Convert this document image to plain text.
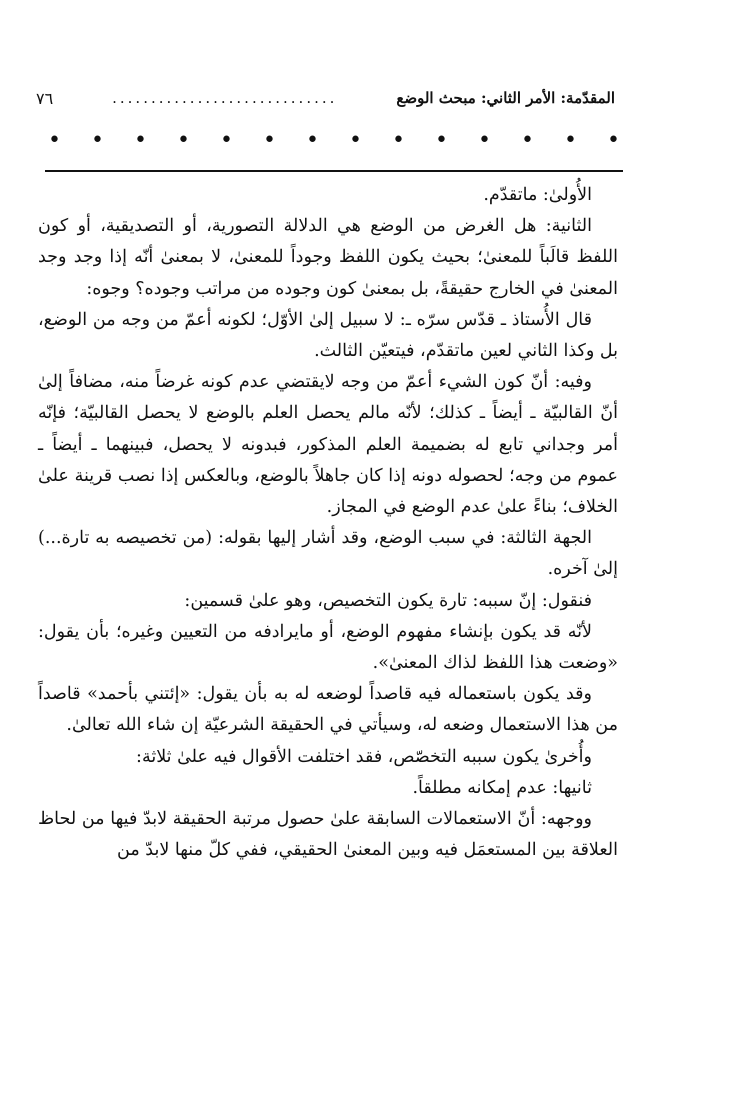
المقدّمة: الأمر الثاني: مبحث الوضع
.............................
٧٦
•
•
•
•
•
•
•
•
•
•
•
•
•
•

الأُولىٰ: ماتقدّم.

الثانية: هل الغرض من الوضع هي الدلالة التصورية، أو التصديقية، أو كون اللفظ قالَباً للمعنىٰ؛ بحيث يكون اللفظ وجوداً للمعنىٰ، لا بمعنىٰ أنّه إذا وجد وجد المعنىٰ في الخارج حقيقةً، بل بمعنىٰ كون وجوده من مراتب وجوده؟ وجوه:

قال الأُستاذ ـ قدّس سرّه ـ: لا سبيل إلىٰ الأوّل؛ لكونه أعمّ من وجه من الوضع، بل وكذا الثاني لعين ماتقدّم، فيتعيّن الثالث.

وفيه: أنّ كون الشيء أعمّ من وجه لايقتضي عدم كونه غرضاً منه، مضافاً إلىٰ أنّ القالبيّة ـ أيضاً ـ كذلك؛ لأنّه مالم يحصل العلم بالوضع لا يحصل القالبيّة؛ فإنّه أمر وجداني تابع له بضميمة العلم المذكور، فبدونه لا يحصل، فبينهما ـ أيضاً ـ عموم من وجه؛ لحصوله دونه إذا كان جاهلاً بالوضع، وبالعكس إذا نصب قرينة علىٰ الخلاف؛ بناءً علىٰ عدم الوضع في المجاز.

الجهة الثالثة: في سبب الوضع، وقد أشار إليها بقوله: (من تخصيصه به تارة...) إلىٰ آخره.

فنقول: إنّ سببه: تارة يكون التخصيص، وهو علىٰ قسمين:

لأنّه قد يكون بإنشاء مفهوم الوضع، أو مايرادفه من التعيين وغيره؛ بأن يقول: «وضعت هذا اللفظ لذاك المعنىٰ».

وقد يكون باستعماله فيه قاصداً لوضعه له به بأن يقول: «إئتني بأحمد» قاصداً من هذا الاستعمال وضعه له، وسيأتي في الحقيقة الشرعيّة إن شاء الله تعالىٰ.

وأُخرىٰ يكون سببه التخصّص، فقد اختلفت الأقوال فيه علىٰ ثلاثة:

ثانيها: عدم إمكانه مطلقاً.

ووجهه: أنّ الاستعمالات السابقة علىٰ حصول مرتبة الحقيقة لابدّ فيها من لحاظ العلاقة بين المستعمَل فيه وبين المعنىٰ الحقيقي، ففي كلّ منها لابدّ من
